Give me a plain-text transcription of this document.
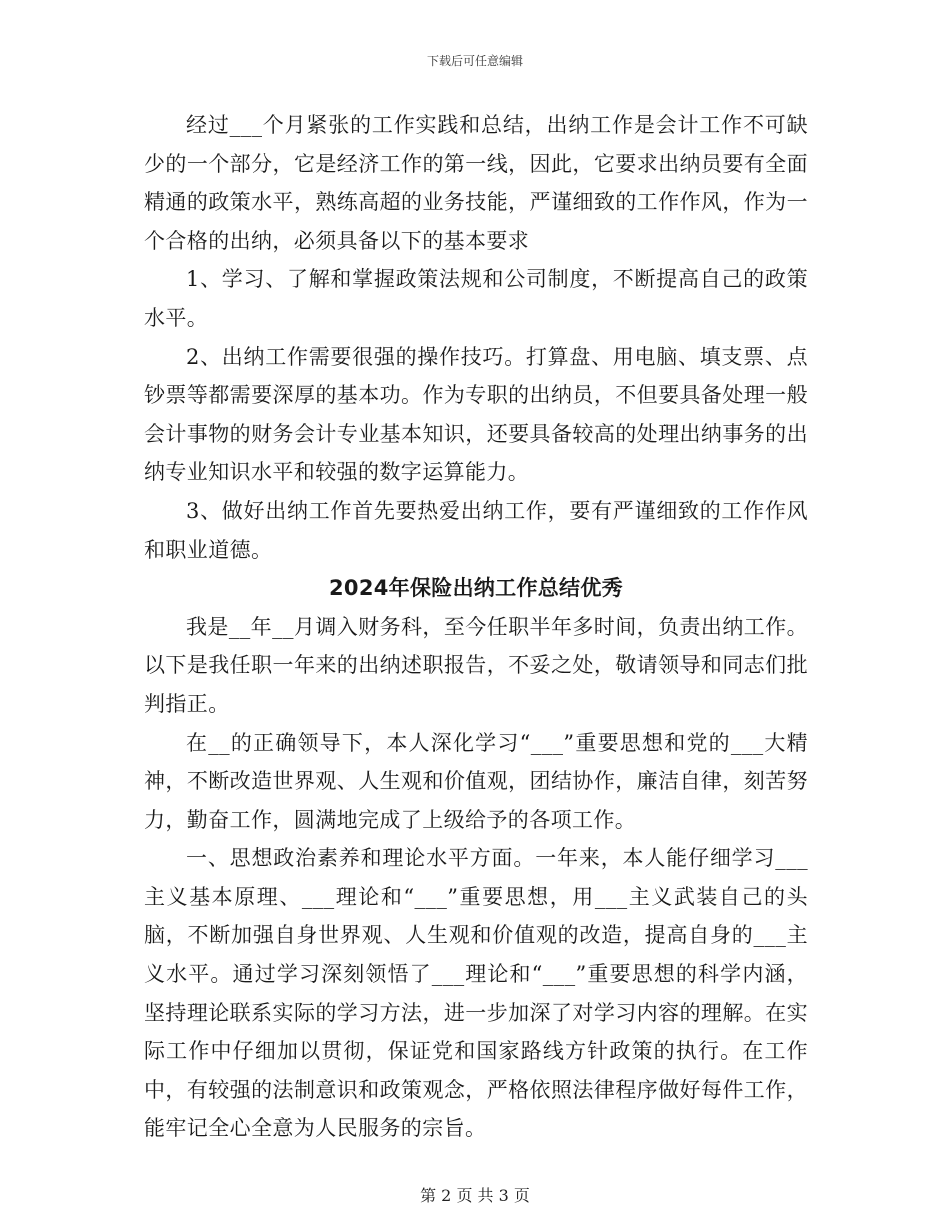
下载后可任意编辑

经过___个月紧张的工作实践和总结，出纳工作是会计工作不可缺少的一个部分，它是经济工作的第一线，因此，它要求出纳员要有全面精通的政策水平，熟练高超的业务技能，严谨细致的工作作风，作为一个合格的出纳，必须具备以下的基本要求

1、学习、了解和掌握政策法规和公司制度，不断提高自己的政策水平。

2、出纳工作需要很强的操作技巧。打算盘、用电脑、填支票、点钞票等都需要深厚的基本功。作为专职的出纳员，不但要具备处理一般会计事物的财务会计专业基本知识，还要具备较高的处理出纳事务的出纳专业知识水平和较强的数字运算能力。

3、做好出纳工作首先要热爱出纳工作，要有严谨细致的工作作风和职业道德。

2024年保险出纳工作总结优秀

我是__年__月调入财务科，至今任职半年多时间，负责出纳工作。以下是我任职一年来的出纳述职报告，不妥之处，敬请领导和同志们批判指正。

在__的正确领导下，本人深化学习“___”重要思想和党的___大精神，不断改造世界观、人生观和价值观，团结协作，廉洁自律，刻苦努力，勤奋工作，圆满地完成了上级给予的各项工作。

一、思想政治素养和理论水平方面。一年来，本人能仔细学习___主义基本原理、___理论和“___”重要思想，用___主义武装自己的头脑，不断加强自身世界观、人生观和价值观的改造，提高自身的___主义水平。通过学习深刻领悟了___理论和“___”重要思想的科学内涵，坚持理论联系实际的学习方法，进一步加深了对学习内容的理解。在实际工作中仔细加以贯彻，保证党和国家路线方针政策的执行。在工作中，有较强的法制意识和政策观念，严格依照法律程序做好每件工作，能牢记全心全意为人民服务的宗旨。

第 2 页 共 3 页
